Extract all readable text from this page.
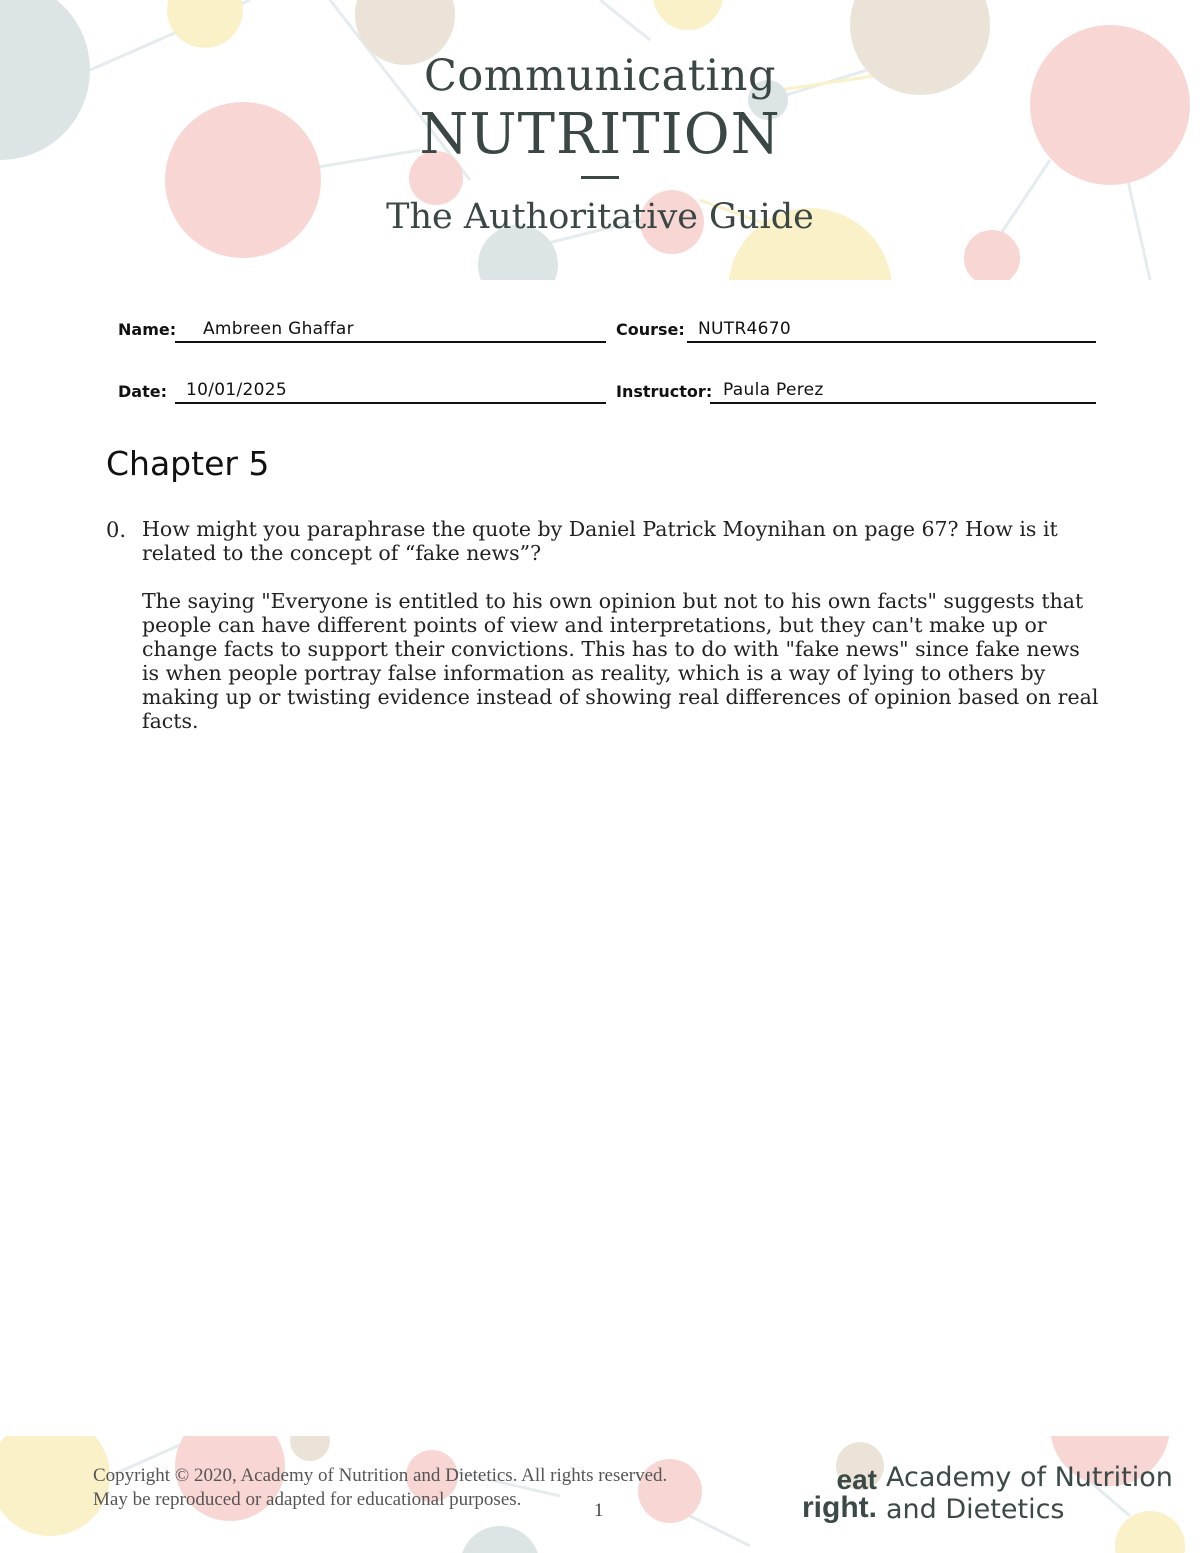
Communicating
NUTRITION
The Authoritative Guide
Name: Ambreen Ghaffar	Course: NUTR4670
Date: 10/01/2025	Instructor: Paula Perez
Chapter 5
0. How might you paraphrase the quote by Daniel Patrick Moynihan on page 67? How is it related to the concept of “fake news”?
The saying "Everyone is entitled to his own opinion but not to his own facts" suggests that people can have different points of view and interpretations, but they can't make up or change facts to support their convictions. This has to do with "fake news" since fake news is when people portray false information as reality, which is a way of lying to others by making up or twisting evidence instead of showing real differences of opinion based on real facts.
Copyright © 2020, Academy of Nutrition and Dietetics. All rights reserved.
May be reproduced or adapted for educational purposes.
1
eat
right.
Academy of Nutrition
and Dietetics
